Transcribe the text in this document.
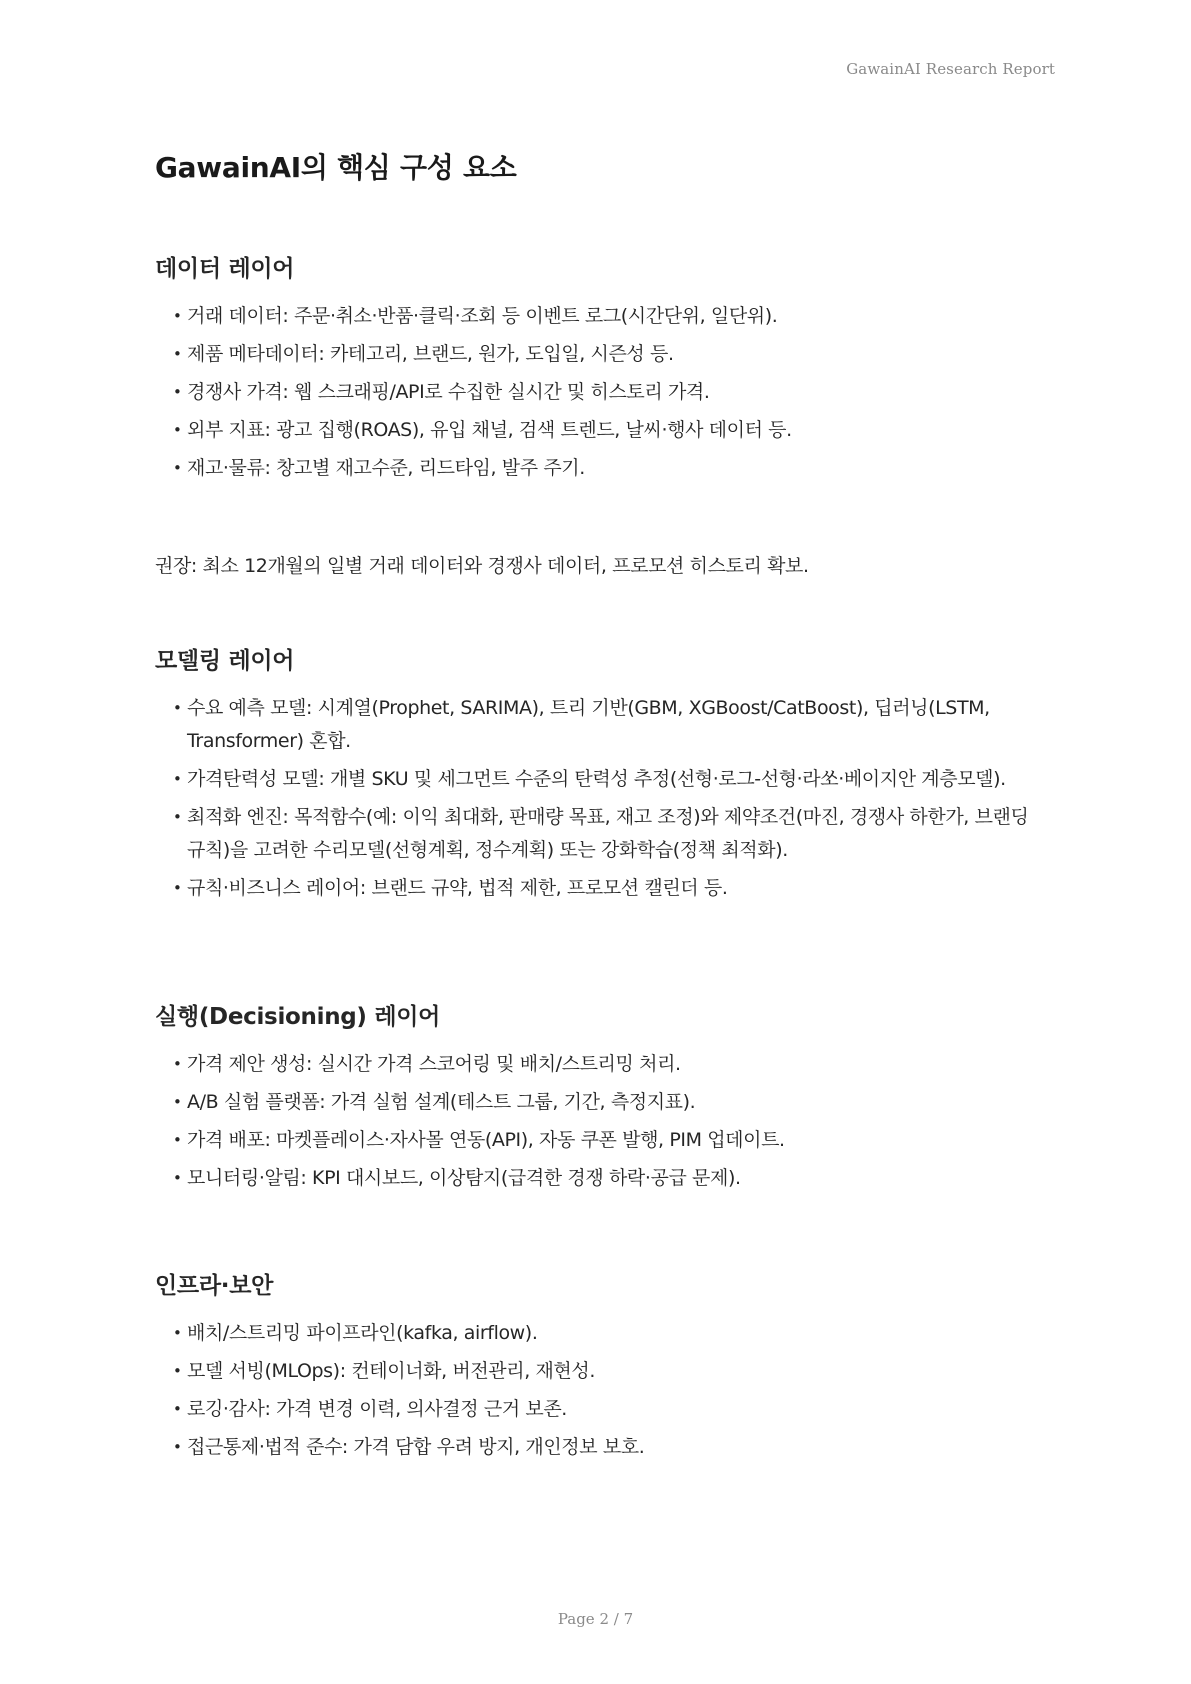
GawainAI Research Report
GawainAI의 핵심 구성 요소
데이터 레이어
• 거래 데이터: 주문·취소·반품·클릭·조회 등 이벤트 로그(시간단위, 일단위).
• 제품 메타데이터: 카테고리, 브랜드, 원가, 도입일, 시즌성 등.
• 경쟁사 가격: 웹 스크래핑/API로 수집한 실시간 및 히스토리 가격.
• 외부 지표: 광고 집행(ROAS), 유입 채널, 검색 트렌드, 날씨·행사 데이터 등.
• 재고·물류: 창고별 재고수준, 리드타임, 발주 주기.

권장: 최소 12개월의 일별 거래 데이터와 경쟁사 데이터, 프로모션 히스토리 확보.

모델링 레이어
• 수요 예측 모델: 시계열(Prophet, SARIMA), 트리 기반(GBM, XGBoost/CatBoost), 딥러닝(LSTM, Transformer) 혼합.
• 가격탄력성 모델: 개별 SKU 및 세그먼트 수준의 탄력성 추정(선형·로그-선형·라쏘·베이지안 계층모델).
• 최적화 엔진: 목적함수(예: 이익 최대화, 판매량 목표, 재고 조정)와 제약조건(마진, 경쟁사 하한가, 브랜딩 규칙)을 고려한 수리모델(선형계획, 정수계획) 또는 강화학습(정책 최적화).
• 규칙·비즈니스 레이어: 브랜드 규약, 법적 제한, 프로모션 캘린더 등.
실행(Decisioning) 레이어
• 가격 제안 생성: 실시간 가격 스코어링 및 배치/스트리밍 처리.
• A/B 실험 플랫폼: 가격 실험 설계(테스트 그룹, 기간, 측정지표).
• 가격 배포: 마켓플레이스·자사몰 연동(API), 자동 쿠폰 발행, PIM 업데이트.
• 모니터링·알림: KPI 대시보드, 이상탐지(급격한 경쟁 하락·공급 문제).
인프라·보안
• 배치/스트리밍 파이프라인(kafka, airflow).
• 모델 서빙(MLOps): 컨테이너화, 버전관리, 재현성.
• 로깅·감사: 가격 변경 이력, 의사결정 근거 보존.
• 접근통제·법적 준수: 가격 담합 우려 방지, 개인정보 보호.
Page 2 / 7
